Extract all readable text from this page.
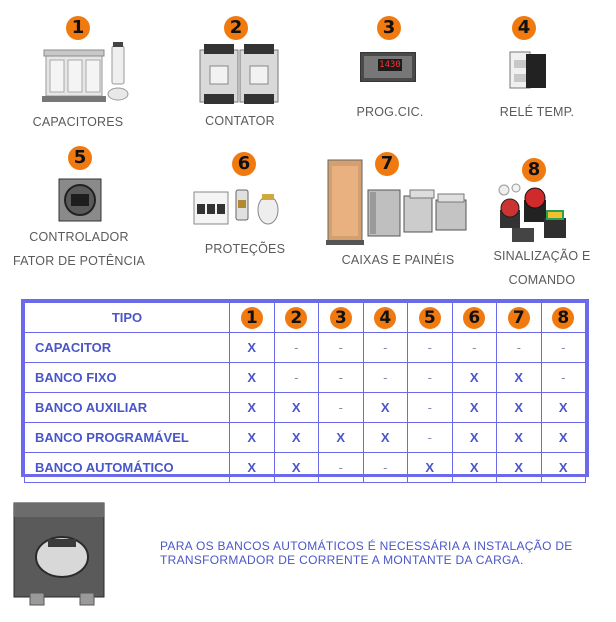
1
CAPACITORES
2
CONTATOR
3
1430
PROG.CIC.
4
RELÉ TEMP.
5
CONTROLADOR
FATOR DE POTÊNCIA
6
PROTEÇÕES
7
CAIXAS E PAINÉIS
8
SINALIZAÇÃO E
COMANDO
TIPO	1	2	3	4	5	6	7	8
CAPACITOR	X	-	-	-	-	-	-	-
BANCO FIXO	X	-	-	-	-	X	X	-
BANCO AUXILIAR	X	X	-	X	-	X	X	X
BANCO PROGRAMÁVEL	X	X	X	X	-	X	X	X
BANCO AUTOMÁTICO	X	X	-	-	X	X	X	X
PARA OS BANCOS AUTOMÁTICOS É NECESSÁRIA A INSTALAÇÃO DE
TRANSFORMADOR DE CORRENTE A MONTANTE DA CARGA.
